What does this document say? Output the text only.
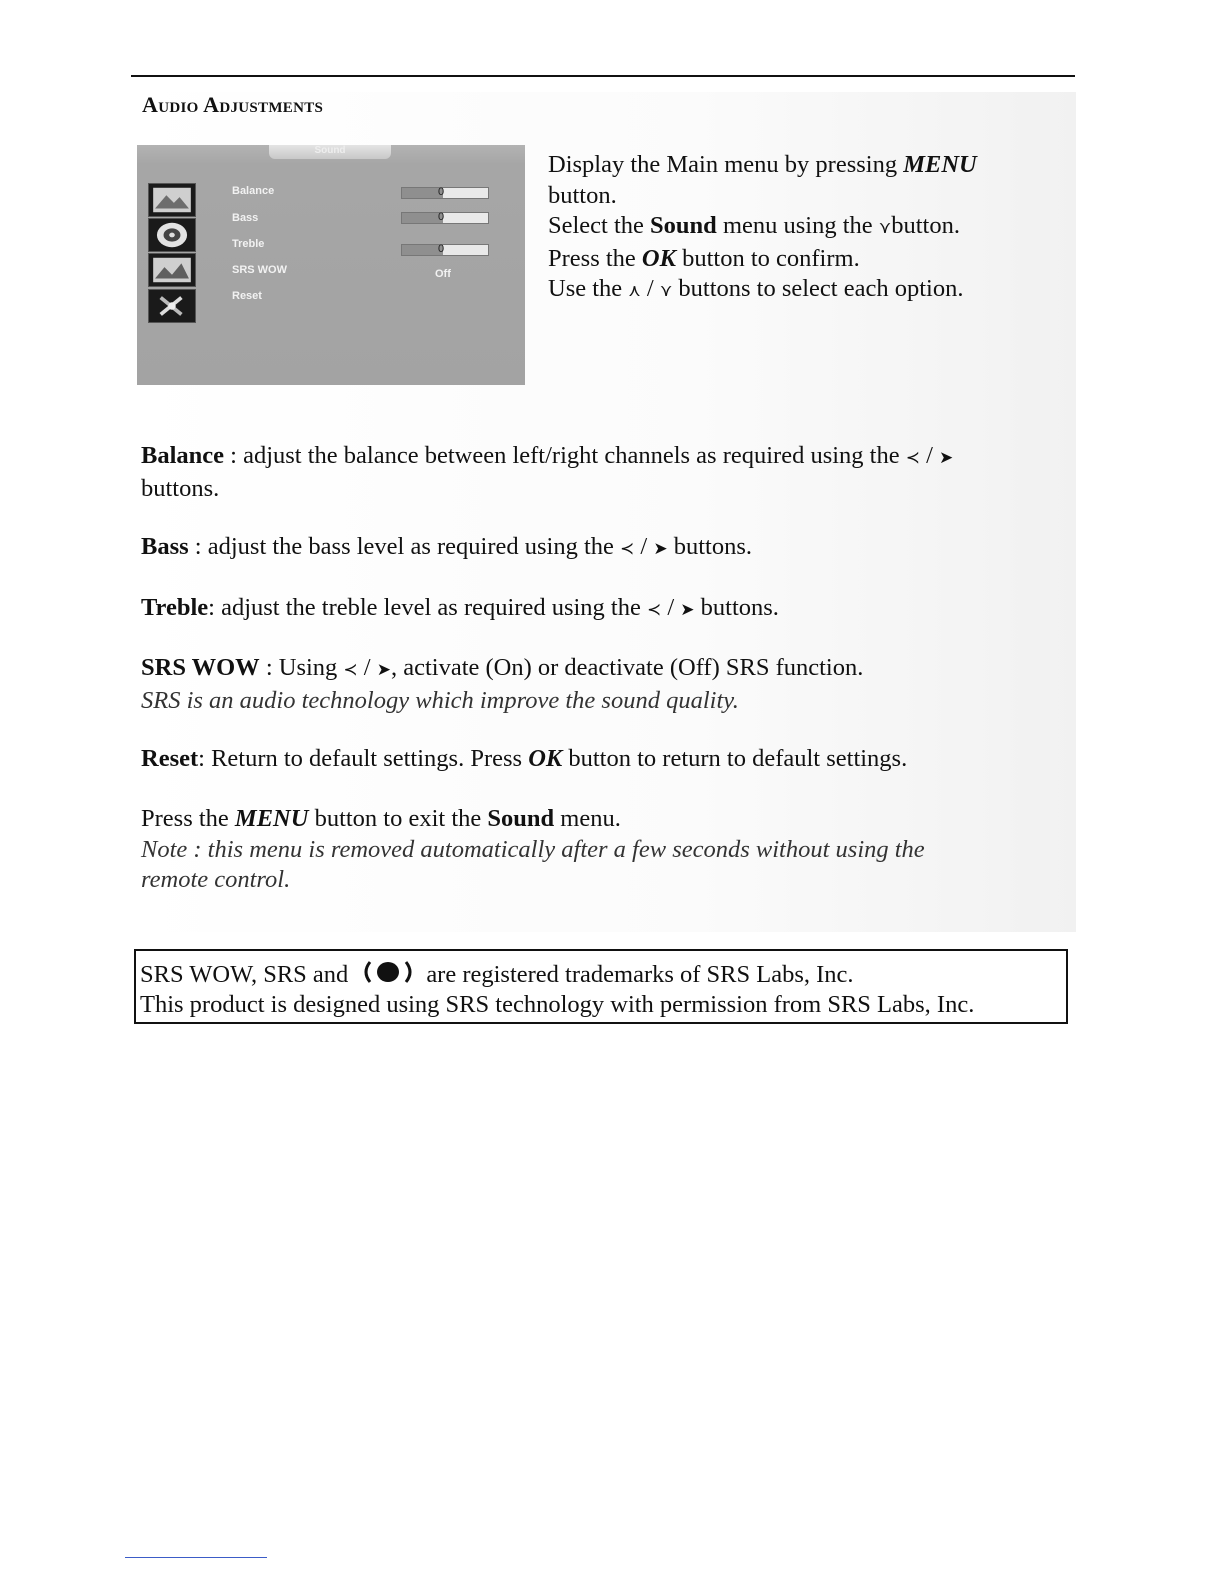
Audio Adjustments
Sound
Balance
Bass
Treble
SRS WOW
Reset
0
0
0
Off

Display the Main menu by pressing MENU

button.

Select the Sound menu using the ⋎button.

Press the OK button to confirm.

Use the ⋏ / ⋎ buttons to select each option.

Balance : adjust the balance between left/right channels as required using the ≺ / ➤

buttons.

Bass : adjust the bass level as required using the ≺ / ➤ buttons.

Treble: adjust the treble level as required using the ≺ / ➤ buttons.

SRS WOW : Using ≺ / ➤, activate (On) or deactivate (Off) SRS function.

SRS is an audio technology which improve the sound quality.

Reset: Return to default settings. Press OK button to return to default settings.

Press the MENU button to exit the Sound menu.

Note : this menu is removed automatically after a few seconds without using the remote control.

SRS WOW, SRS and	are registered trademarks of SRS Labs, Inc.

This product is designed using SRS technology with permission from SRS Labs, Inc.
